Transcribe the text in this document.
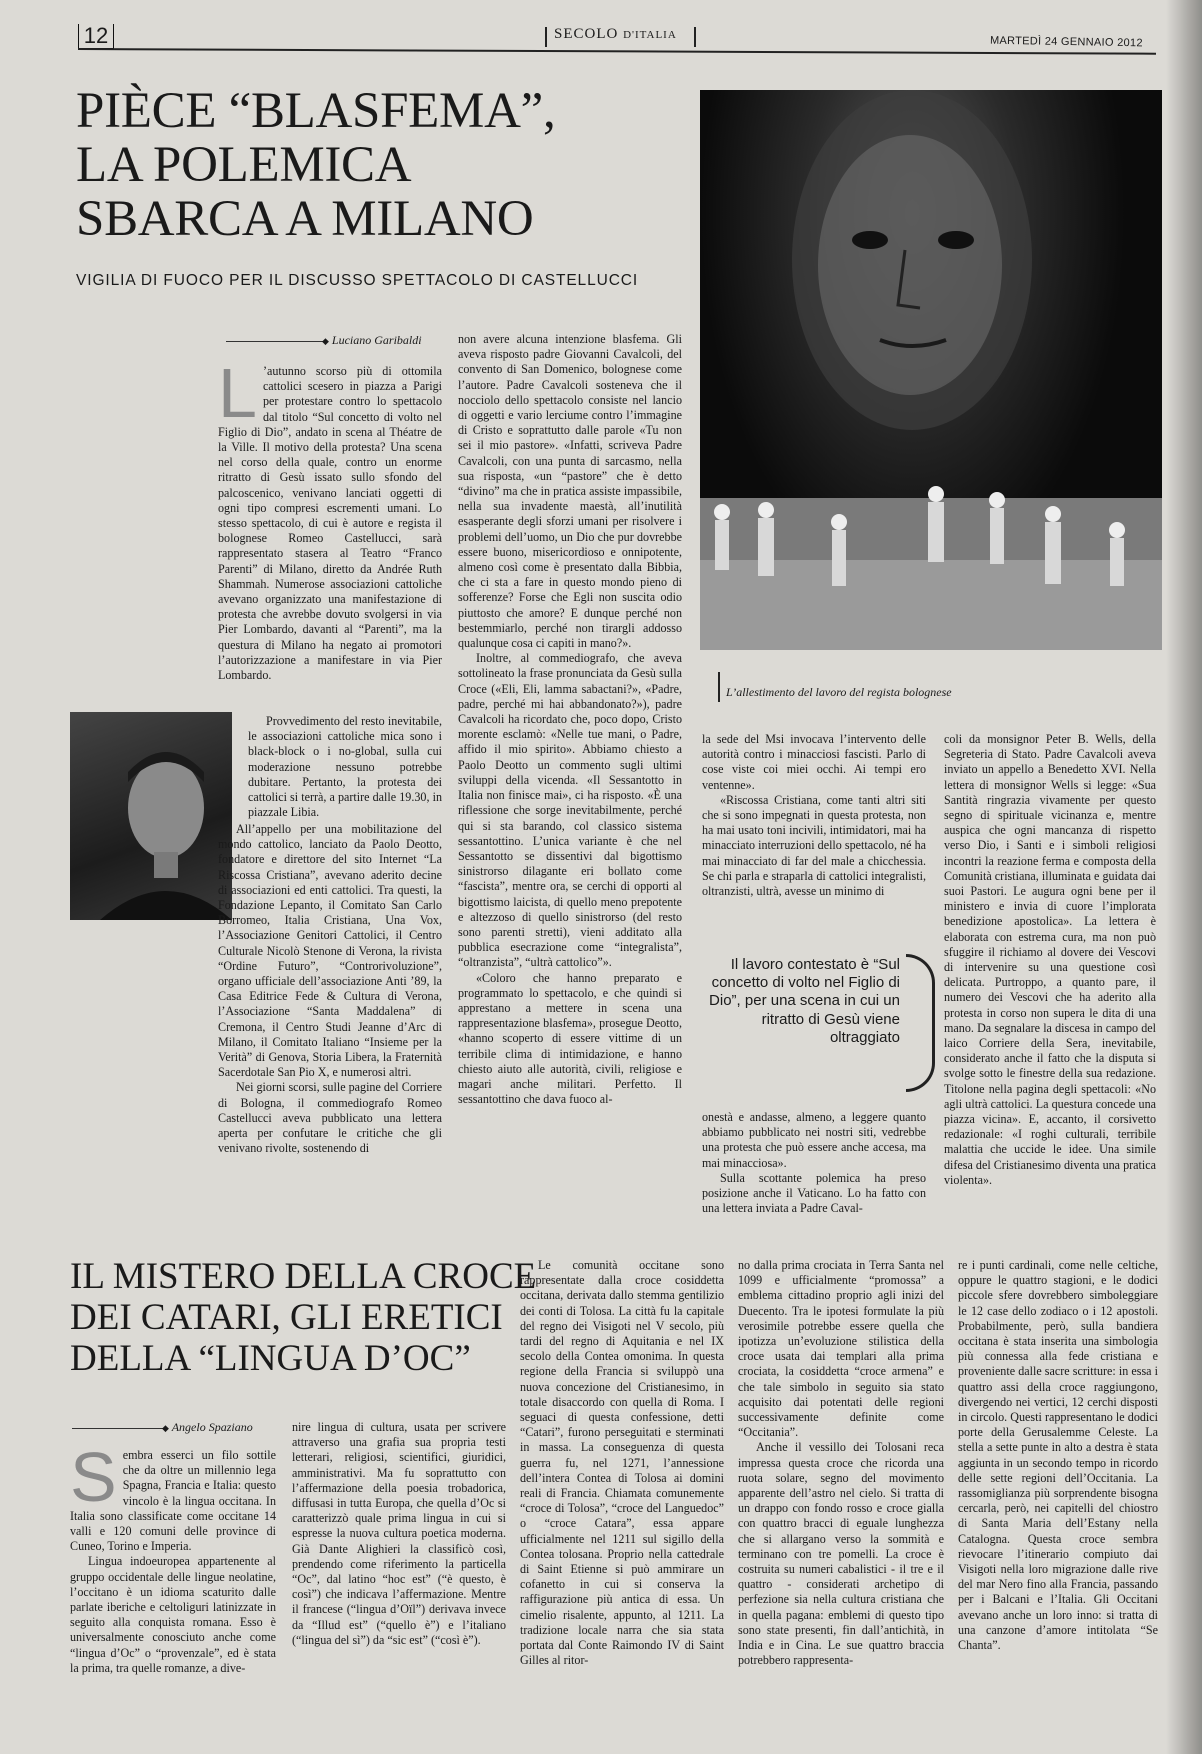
12	SECOLO D'ITALIA	MARTEDÌ 24 GENNAIO 2012
PIÈCE “BLASFEMA”,
LA POLEMICA
SBARCA A MILANO
VIGILIA DI FUOCO PER IL DISCUSSO SPETTACOLO DI CASTELLUCCI
L’allestimento del lavoro del regista bolognese
◆ Luciano Garibaldi

L ’autunno scorso più di ottomila cattolici scesero in piazza a Parigi per protestare contro lo spettacolo dal titolo “Sul concetto di volto nel Figlio di Dio”, andato in scena al Théatre de la Ville. Il motivo della protesta? Una scena nel corso della quale, contro un enorme ritratto di Gesù issato sullo sfondo del palcoscenico, venivano lanciati oggetti di ogni tipo compresi escrementi umani. Lo stesso spettacolo, di cui è autore e regista il bolognese Romeo Castellucci, sarà rappresentato stasera al Teatro “Franco Parenti” di Milano, diretto da Andrée Ruth Shammah. Numerose associazioni cattoliche avevano organizzato una manifestazione di protesta che avrebbe dovuto svolgersi in via Pier Lombardo, davanti al “Parenti”, ma la questura di Milano ha negato ai promotori l’autorizzazione a manifestare in via Pier Lombardo.

Provvedimento del resto inevitabile, le associazioni cattoliche mica sono i black-block o i no-global, sulla cui moderazione nessuno potrebbe dubitare. Pertanto, la protesta dei cattolici si terrà, a partire dalle 19.30, in piazzale Libia.

All’appello per una mobilitazione del mondo cattolico, lanciato da Paolo Deotto, fondatore e direttore del sito Internet “La Riscossa Cristiana”, avevano aderito decine di associazioni ed enti cattolici. Tra questi, la Fondazione Lepanto, il Comitato San Carlo Borromeo, Italia Cristiana, Una Vox, l’Associazione Genitori Cattolici, il Centro Culturale Nicolò Stenone di Verona, la rivista “Ordine Futuro”, “Controrivoluzione”, organo ufficiale dell’associazione Anti ’89, la Casa Editrice Fede & Cultura di Verona, l’Associazione “Santa Maddalena” di Cremona, il Centro Studi Jeanne d’Arc di Milano, il Comitato Italiano “Insieme per la Verità” di Genova, Storia Libera, la Fraternità Sacerdotale San Pio X, e numerosi altri.

Nei giorni scorsi, sulle pagine del Corriere di Bologna, il commediografo Romeo Castellucci aveva pubblicato una lettera aperta per confutare le critiche che gli venivano rivolte, sostenendo di

non avere alcuna intenzione blasfema. Gli aveva risposto padre Giovanni Cavalcoli, del convento di San Domenico, bolognese come l’autore. Padre Cavalcoli sosteneva che il nocciolo dello spettacolo consiste nel lancio di oggetti e vario lerciume contro l’immagine di Cristo e soprattutto dalle parole «Tu non sei il mio pastore». «Infatti, scriveva Padre Cavalcoli, con una punta di sarcasmo, nella sua risposta, «un “pastore” che è detto “divino” ma che in pratica assiste impassibile, nella sua invadente maestà, all’inutilità esasperante degli sforzi umani per risolvere i problemi dell’uomo, un Dio che pur dovrebbe essere buono, misericordioso e onnipotente, almeno così come è presentato dalla Bibbia, che ci sta a fare in questo mondo pieno di sofferenze? Forse che Egli non suscita odio piuttosto che amore? E dunque perché non bestemmiarlo, perché non tirargli addosso qualunque cosa ci capiti in mano?».

Inoltre, al commediografo, che aveva sottolineato la frase pronunciata da Gesù sulla Croce («Eli, Eli, lamma sabactani?», «Padre, padre, perché mi hai abbandonato?»), padre Cavalcoli ha ricordato che, poco dopo, Cristo morente esclamò: «Nelle tue mani, o Padre, affido il mio spirito». Abbiamo chiesto a Paolo Deotto un commento sugli ultimi sviluppi della vicenda. «Il Sessantotto in Italia non finisce mai», ci ha risposto. «È una riflessione che sorge inevitabilmente, perché qui si sta barando, col classico sistema sessantottino. L’unica variante è che nel Sessantotto se dissentivi dal bigottismo sinistrorso dilagante eri bollato come “fascista”, mentre ora, se cerchi di opporti al bigottismo laicista, di quello meno prepotente e altezzoso di quello sinistrorso (del resto sono parenti stretti), vieni additato alla pubblica esecrazione come “integralista”, “oltranzista”, “ultrà cattolico”».

«Coloro che hanno preparato e programmato lo spettacolo, e che quindi si apprestano a mettere in scena una rappresentazione blasfema», prosegue Deotto, «hanno scoperto di essere vittime di un terribile clima di intimidazione, e hanno chiesto aiuto alle autorità, civili, religiose e magari anche militari. Perfetto. Il sessantottino che dava fuoco al-

la sede del Msi invocava l’intervento delle autorità contro i minacciosi fascisti. Parlo di cose viste coi miei occhi. Ai tempi ero ventenne».

«Riscossa Cristiana, come tanti altri siti che si sono impegnati in questa protesta, non ha mai usato toni incivili, intimidatori, mai ha minacciato interruzioni dello spettacolo, né ha mai minacciato di far del male a chicchessia. Se chi parla e straparla di cattolici integralisti, oltranzisti, ultrà, avesse un minimo di

Il lavoro contestato è “Sul concetto di volto nel Figlio di Dio”, per una scena in cui un ritratto di Gesù viene oltraggiato

onestà e andasse, almeno, a leggere quanto abbiamo pubblicato nei nostri siti, vedrebbe una protesta che può essere anche accesa, ma mai minacciosa».

Sulla scottante polemica ha preso posizione anche il Vaticano. Lo ha fatto con una lettera inviata a Padre Caval-

coli da monsignor Peter B. Wells, della Segreteria di Stato. Padre Cavalcoli aveva inviato un appello a Benedetto XVI. Nella lettera di monsignor Wells si legge: «Sua Santità ringrazia vivamente per questo segno di spirituale vicinanza e, mentre auspica che ogni mancanza di rispetto verso Dio, i Santi e i simboli religiosi incontri la reazione ferma e composta della Comunità cristiana, illuminata e guidata dai suoi Pastori. Le augura ogni bene per il ministero e invia di cuore l’implorata benedizione apostolica». La lettera è elaborata con estrema cura, ma non può sfuggire il richiamo al dovere dei Vescovi di intervenire su una questione così delicata. Purtroppo, a quanto pare, il numero dei Vescovi che ha aderito alla protesta in corso non supera le dita di una mano. Da segnalare la discesa in campo del laico Corriere della Sera, inevitabile, considerato anche il fatto che la disputa si svolge sotto le finestre della sua redazione. Titolone nella pagina degli spettacoli: «No agli ultrà cattolici. La questura concede una piazza vicina». E, accanto, il corsivetto redazionale: «I roghi culturali, terribile malattia che uccide le idee. Una simile difesa del Cristianesimo diventa una pratica violenta».

IL MISTERO DELLA CROCE
DEI CATARI, GLI ERETICI
DELLA “LINGUA D’OC”
◆ Angelo Spaziano

Sembra esserci un filo sottile che da oltre un millennio lega Spagna, Francia e Italia: questo vincolo è la lingua occitana. In Italia sono classificate come occitane 14 valli e 120 comuni delle province di Cuneo, Torino e Imperia.

Lingua indoeuropea appartenente al gruppo occidentale delle lingue neolatine, l’occitano è un idioma scaturito dalle parlate iberiche e celtoliguri latinizzate in seguito alla conquista romana. Esso è universalmente conosciuto anche come “lingua d’Oc” o “provenzale”, ed è stata la prima, tra quelle romanze, a dive-

nire lingua di cultura, usata per scrivere attraverso una grafia sua propria testi letterari, religiosi, scientifici, giuridici, amministrativi. Ma fu soprattutto con l’affermazione della poesia trobadorica, diffusasi in tutta Europa, che quella d’Oc si caratterizzò quale prima lingua in cui si espresse la nuova cultura poetica moderna. Già Dante Alighieri la classificò così, prendendo come riferimento la particella “Oc”, dal latino “hoc est” (“è questo, è così”) che indicava l’affermazione. Mentre il francese (“lingua d’Oïl”) derivava invece da “Illud est” (“quello è”) e l’italiano (“lingua del sì”) da “sic est” (“così è”).

Le comunità occitane sono rappresentate dalla croce cosiddetta occitana, derivata dallo stemma gentilizio dei conti di Tolosa. La città fu la capitale del regno dei Visigoti nel V secolo, più tardi del regno di Aquitania e nel IX secolo della Contea omonima. In questa regione della Francia si sviluppò una nuova concezione del Cristianesimo, in totale disaccordo con quella di Roma. I seguaci di questa confessione, detti “Catari”, furono perseguitati e sterminati in massa. La conseguenza di questa guerra fu, nel 1271, l’annessione dell’intera Contea di Tolosa ai domini reali di Francia. Chiamata comunemente “croce di Tolosa”, “croce del Languedoc” o “croce Catara”, essa appare ufficialmente nel 1211 sul sigillo della Contea tolosana. Proprio nella cattedrale di Saint Etienne si può ammirare un cofanetto in cui si conserva la raffigurazione più antica di essa. Un cimelio risalente, appunto, al 1211. La tradizione locale narra che sia stata portata dal Conte Raimondo IV di Saint Gilles al ritor-

no dalla prima crociata in Terra Santa nel 1099 e ufficialmente “promossa” a emblema cittadino proprio agli inizi del Duecento. Tra le ipotesi formulate la più verosimile potrebbe essere quella che ipotizza un’evoluzione stilistica della croce usata dai templari alla prima crociata, la cosiddetta “croce armena” e che tale simbolo in seguito sia stato acquisito dai potentati delle regioni successivamente definite come “Occitania”.

Anche il vessillo dei Tolosani reca impressa questa croce che ricorda una ruota solare, segno del movimento apparente dell’astro nel cielo. Si tratta di un drappo con fondo rosso e croce gialla con quattro bracci di eguale lunghezza che si allargano verso la sommità e terminano con tre pomelli. La croce è costruita su numeri cabalistici - il tre e il quattro - considerati archetipo di perfezione sia nella cultura cristiana che in quella pagana: emblemi di questo tipo sono state presenti, fin dall’antichità, in India e in Cina. Le sue quattro braccia potrebbero rappresenta-

re i punti cardinali, come nelle celtiche, oppure le quattro stagioni, e le dodici piccole sfere dovrebbero simboleggiare le 12 case dello zodiaco o i 12 apostoli. Probabilmente, però, sulla bandiera occitana è stata inserita una simbologia più connessa alla fede cristiana e proveniente dalle sacre scritture: in essa i quattro assi della croce raggiungono, divergendo nei vertici, 12 cerchi disposti in circolo. Questi rappresentano le dodici porte della Gerusalemme Celeste. La stella a sette punte in alto a destra è stata aggiunta in un secondo tempo in ricordo delle sette regioni dell’Occitania. La rassomiglianza più sorprendente bisogna cercarla, però, nei capitelli del chiostro di Santa Maria dell’Estany nella Catalogna. Questa croce sembra rievocare l’itinerario compiuto dai Visigoti nella loro migrazione dalle rive del mar Nero fino alla Francia, passando per i Balcani e l’Italia. Gli Occitani avevano anche un loro inno: si tratta di una canzone d’amore intitolata “Se Chanta”.
